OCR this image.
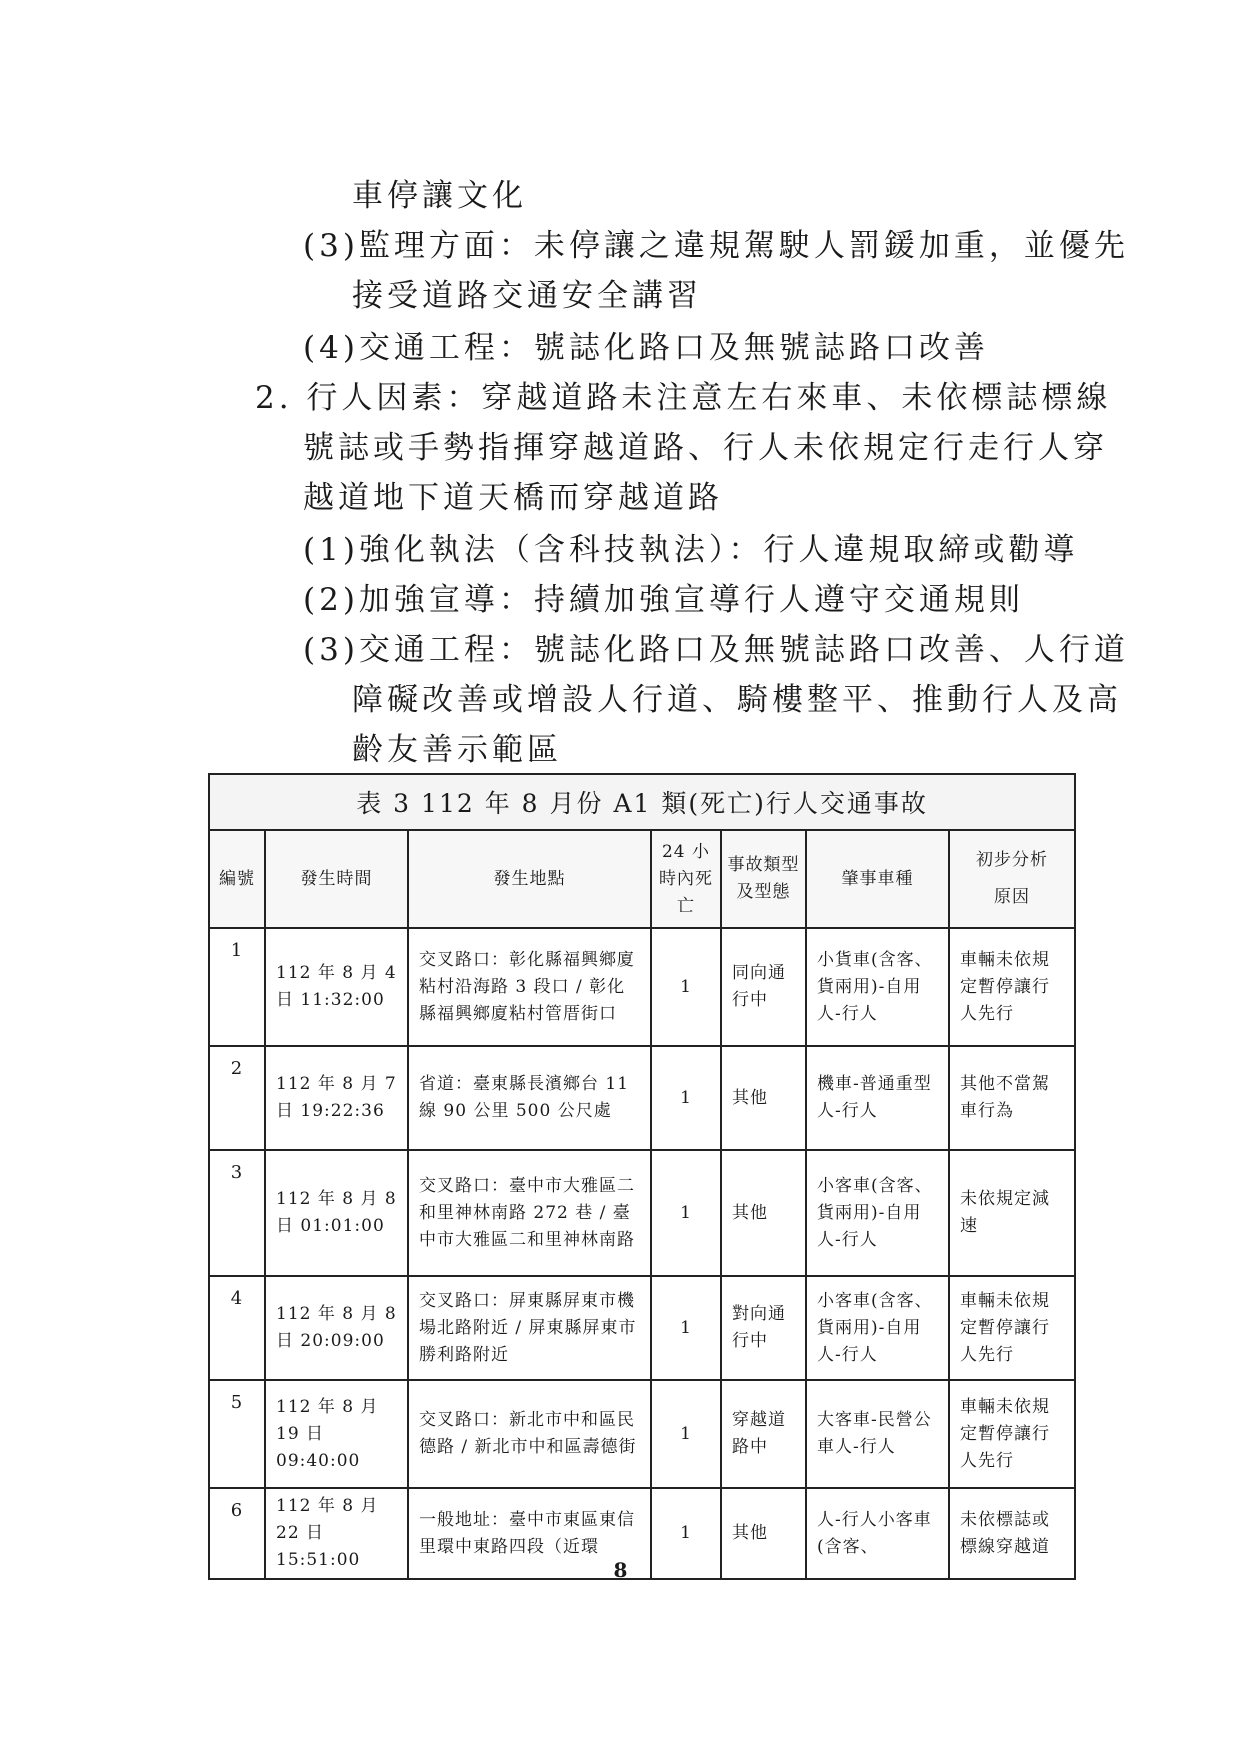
車停讓文化
(3)監理方面：未停讓之違規駕駛人罰鍰加重，並優先
接受道路交通安全講習
(4)交通工程：號誌化路口及無號誌路口改善
2. 行人因素：穿越道路未注意左右來車、未依標誌標線
號誌或手勢指揮穿越道路、行人未依規定行走行人穿
越道地下道天橋而穿越道路
(1)強化執法（含科技執法）：行人違規取締或勸導
(2)加強宣導：持續加強宣導行人遵守交通規則
(3)交通工程：號誌化路口及無號誌路口改善、人行道
障礙改善或增設人行道、騎樓整平、推動行人及高
齡友善示範區
表 3 112 年 8 月份 A1 類(死亡)行人交通事故						
編號	發生時間	發生地點	24 小時內死亡	事故類型及型態	肇事車種	初步分析
原因

1	112 年 8 月 4 日 11:32:00	交叉路口：彰化縣福興鄉廈粘村沿海路 3 段口 / 彰化縣福興鄉廈粘村管厝街口	1	同向通行中	小貨車(含客、貨兩用)-自用人-行人	車輛未依規定暫停讓行人先行
2	112 年 8 月 7 日 19:22:36	省道：臺東縣長濱鄉台 11 線 90 公里 500 公尺處	1	其他	機車-普通重型人-行人	其他不當駕車行為
3	112 年 8 月 8 日 01:01:00	交叉路口：臺中市大雅區二和里神林南路 272 巷 / 臺中市大雅區二和里神林南路	1	其他	小客車(含客、貨兩用)-自用人-行人	未依規定減速
4	112 年 8 月 8 日 20:09:00	交叉路口：屏東縣屏東市機場北路附近 / 屏東縣屏東市勝利路附近	1	對向通行中	小客車(含客、貨兩用)-自用人-行人	車輛未依規定暫停讓行人先行
5	112 年 8 月 19 日 09:40:00	交叉路口：新北市中和區民德路 / 新北市中和區壽德街	1	穿越道路中	大客車-民營公車人-行人	車輛未依規定暫停讓行人先行
6	112 年 8 月 22 日 15:51:00	一般地址：臺中市東區東信里環中東路四段（近環	1	其他	人-行人小客車(含客、	未依標誌或標線穿越道
8
